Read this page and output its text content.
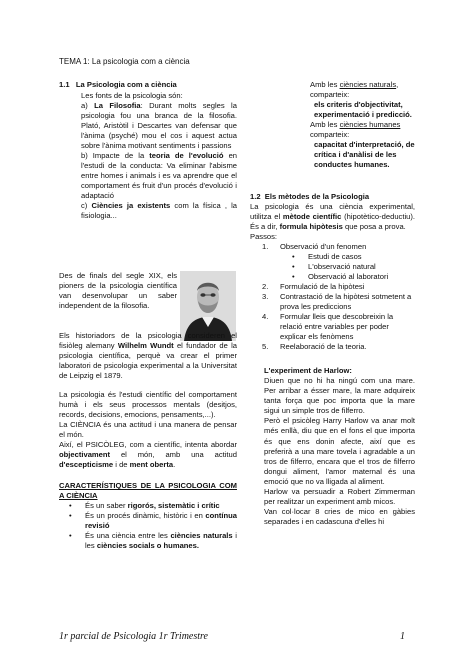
TEMA 1: La psicologia com a ciència

1.1 La Psicologia com a ciència

Les fonts de la psicologia són:

a) La Filosofia: Durant molts segles la psicologia fou una branca de la filosofia. Plató, Aristòtil i Descartes van defensar que l'ànima (psyché) mou el cos i aquest actua sobre l'ànima motivant sentiments i passions

b) Impacte de la teoria de l'evolució en l'estudi de la conducta: Va eliminar l'abisme entre homes i animals i es va aprendre que el comportament és fruit d'un procés d'evolució i adaptació

c) Ciències ja existents com la física , la fisiologia...

Des de finals del segle XIX, els pioners de la psicologia científica van desenvolupar un saber independent de la filosofia.

Els historiadors de la psicologia consideren el fisiòleg alemany Wilhelm Wundt el fundador de la psicologia científica, perquè va crear el primer laboratori de psicologia experimental a la Universitat de Leipzig el 1879.

La psicologia és l'estudi científic del comportament humà i els seus processos mentals (desitjos, records, decisions, emocions, pensaments,...).

La CIÈNCIA és una actitud i una manera de pensar el món.

Així, el PSICÒLEG, com a científic, intenta abordar objectivament el món, amb una actitud d'escepticisme i de ment oberta.

CARACTERÍSTIQUES DE LA PSICOLOGIA COM A CIÈNCIA

•	És un saber rigorós, sistemàtic i crític
•	És un procés dinàmic, històric i en contínua revisió
•	És una ciència entre les ciències naturals i les ciències socials o humanes.

Amb les ciències naturals, comparteix:

els criteris d'objectivitat, experimentació i predicció.

Amb les ciències humanes comparteix:

capacitat d'interpretació, de crítica i d'anàlisi de les conductes humanes.

1.2 Els mètodes de la Psicologia

La psicologia és una ciència experimental, utilitza el mètode científic (hipotètico-deductiu). És a dir, formula hipòtesis que posa a prova.

Passos:

1.	Observació d'un fenomen
•	Estudi de casos
•	L'observació natural
•	Observació al laboratori
2.	Formulació de la hipòtesi
3.	Contrastació de la hipòtesi sotmetent a prova les prediccions
4.	Formular lleis que descobreixin la relació entre variables per poder explicar els fenòmens
5.	Reelaboració de la teoria.

L'experiment de Harlow:

Diuen que no hi ha ningú com una mare. Per arribar a ésser mare, la mare adquireix tanta força que poc importa que la mare sigui un simple tros de filferro.

Però el psicòleg Harry Harlow va anar molt més enllà, diu que en el fons el que importa és que ens donin afecte, així que es preferirà a una mare tovela i agradable a un tros de filferro, encara que el tros de filferro dongui aliment, l'amor maternal és una emoció que no va lligada al aliment.

Harlow va persuadir a Robert Zimmerman per realitzar un experiment amb micos.

Van col·locar 8 cries de mico en gàbies separades i en cadascuna d'elles hi

1r parcial de Psicologia 1r Trimestre	1
